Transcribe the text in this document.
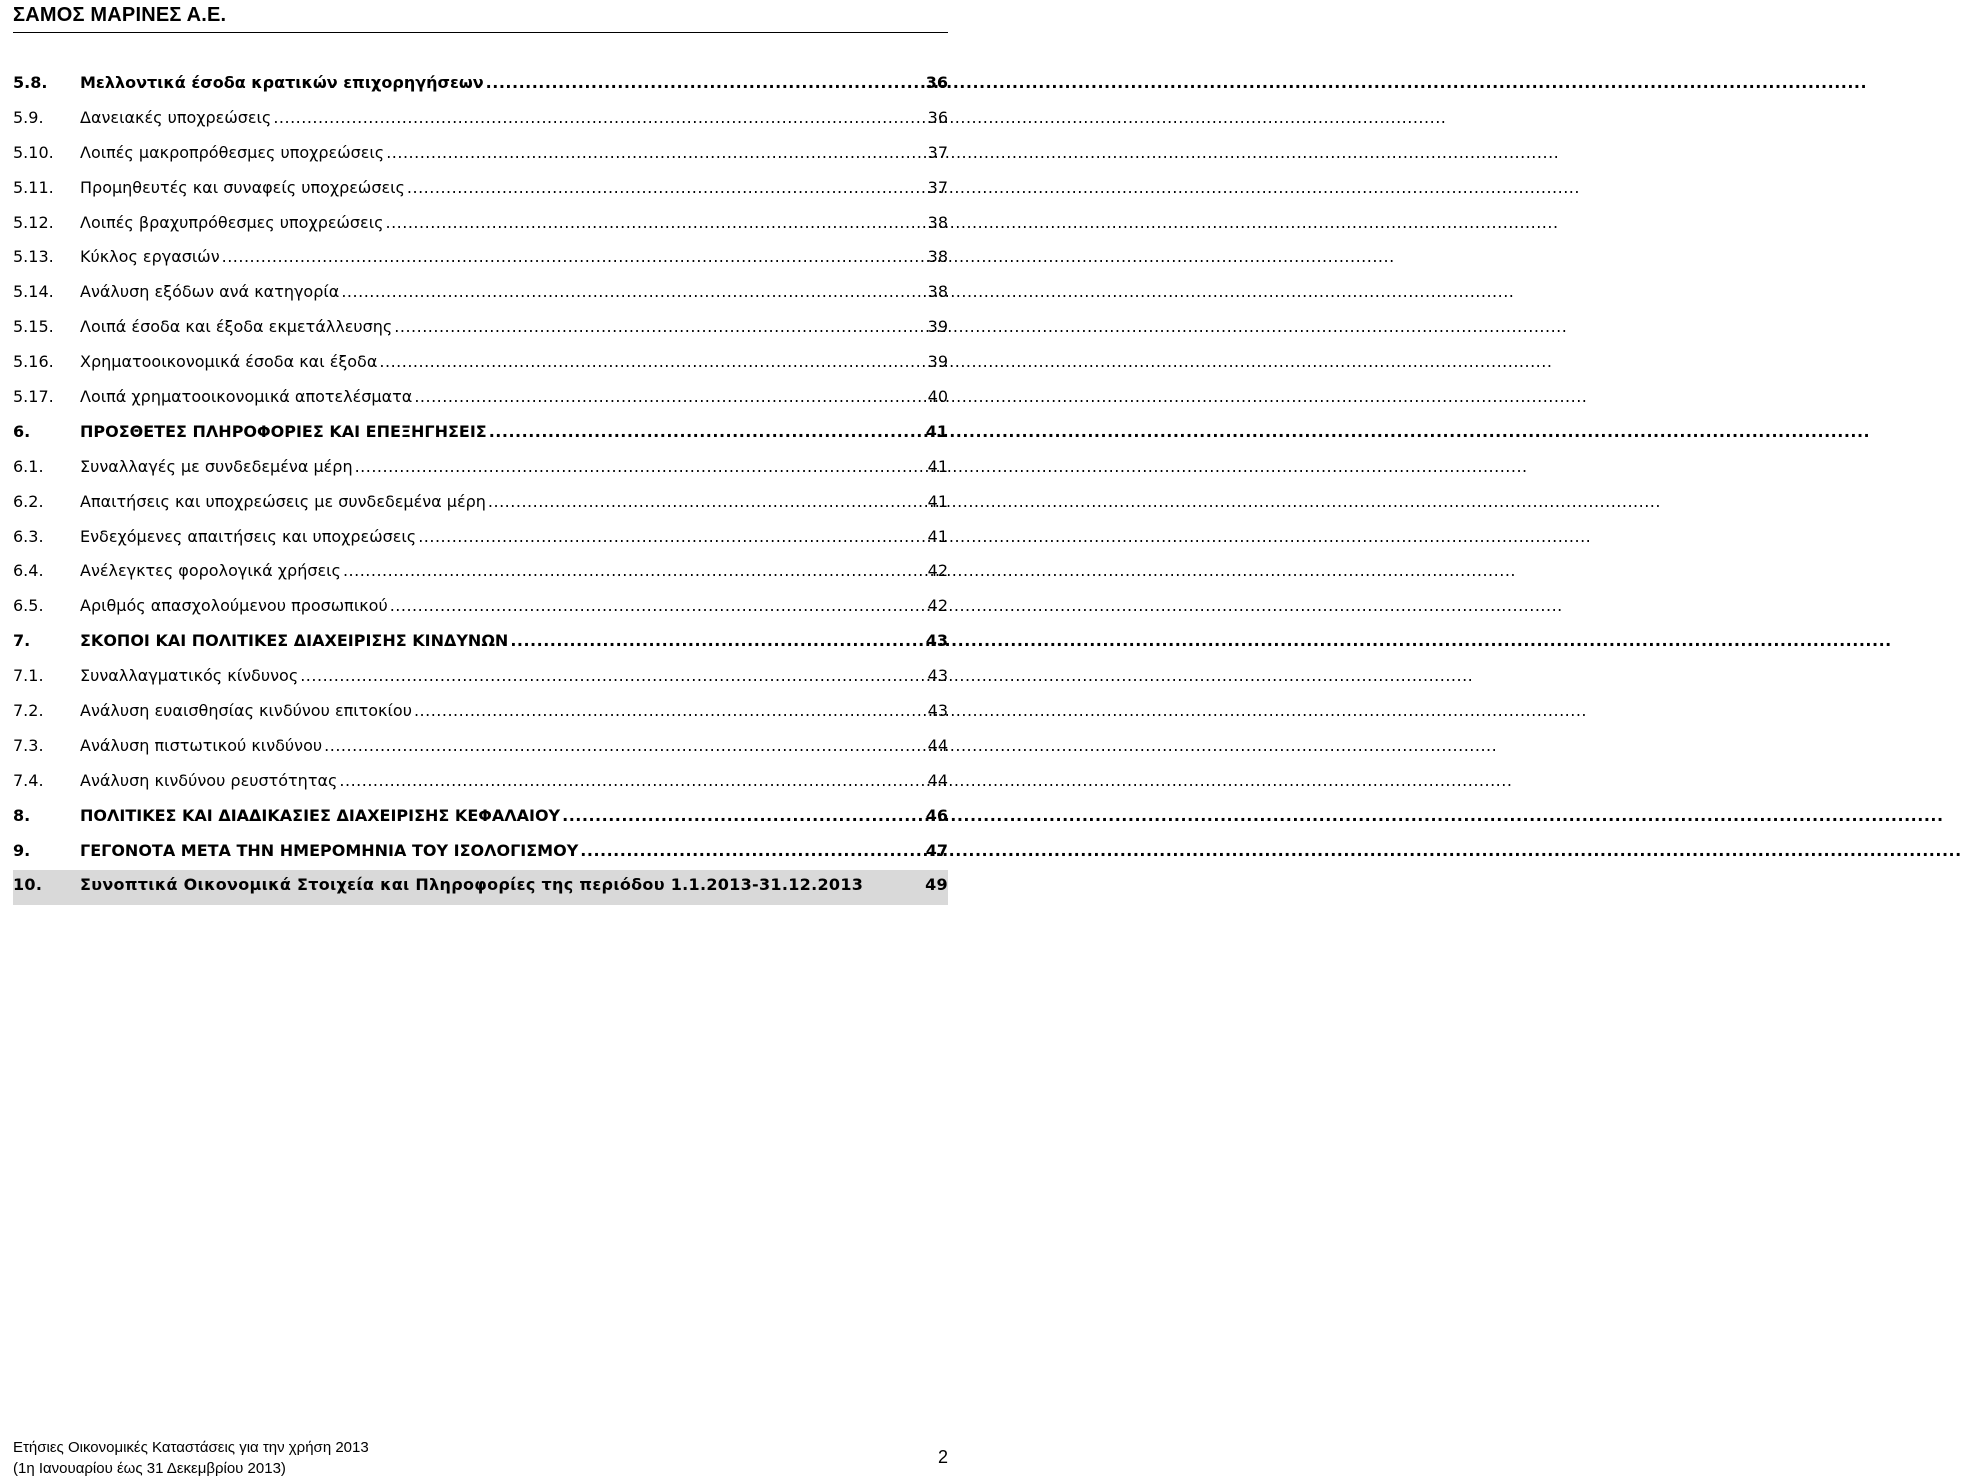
ΣΑΜΟΣ ΜΑΡΙΝΕΣ Α.Ε.
5.8. Μελλοντικά έσοδα κρατικών επιχορηγήσεων .....	36
5.9. Δανειακές υποχρεώσεις .....	36
5.10. Λοιπές μακροπρόθεσμες υποχρεώσεις .....	37
5.11. Προμηθευτές και συναφείς υποχρεώσεις .....	37
5.12. Λοιπές βραχυπρόθεσμες υποχρεώσεις .....	38
5.13. Κύκλος εργασιών .....	38
5.14. Ανάλυση εξόδων ανά κατηγορία .....	38
5.15. Λοιπά έσοδα και έξοδα εκμετάλλευσης .....	39
5.16. Χρηματοοικονομικά έσοδα και έξοδα .....	39
5.17. Λοιπά χρηματοοικονομικά αποτελέσματα .....	40
6.	ΠΡΟΣΘΕΤΕΣ ΠΛΗΡΟΦΟΡΙΕΣ ΚΑΙ ΕΠΕΞΗΓΗΣΕΙΣ .....	41
6.1. Συναλλαγές με συνδεδεμένα μέρη .....	41
6.2. Απαιτήσεις και υποχρεώσεις με συνδεδεμένα μέρη .....	41
6.3. Ενδεχόμενες απαιτήσεις και υποχρεώσεις .....	41
6.4. Ανέλεγκτες φορολογικά χρήσεις .....	42
6.5. Αριθμός απασχολούμενου προσωπικού .....	42
7.	ΣΚΟΠΟΙ ΚΑΙ ΠΟΛΙΤΙΚΕΣ ΔΙΑΧΕΙΡΙΣΗΣ ΚΙΝΔΥΝΩΝ .....	43
7.1. Συναλλαγματικός κίνδυνος .....	43
7.2. Ανάλυση ευαισθησίας κινδύνου επιτοκίου .....	43
7.3. Ανάλυση πιστωτικού κινδύνου .....	44
7.4. Ανάλυση κινδύνου ρευστότητας .....	44
8.	ΠΟΛΙΤΙΚΕΣ ΚΑΙ ΔΙΑΔΙΚΑΣΙΕΣ ΔΙΑΧΕΙΡΙΣΗΣ ΚΕΦΑΛΑΙΟΥ .....	46
9.	ΓΕΓΟΝΟΤΑ ΜΕΤΑ ΤΗΝ ΗΜΕΡΟΜΗΝΙΑ ΤΟΥ ΙΣΟΛΟΓΙΣΜΟΥ .....	47
10. Συνοπτικά Οικονομικά Στοιχεία και Πληροφορίες της περιόδου 1.1.2013-31.12.2013	49
Ετήσιες Οικονομικές Καταστάσεις για την χρήση 2013
(1η Ιανουαρίου έως 31 Δεκεμβρίου 2013)
2
